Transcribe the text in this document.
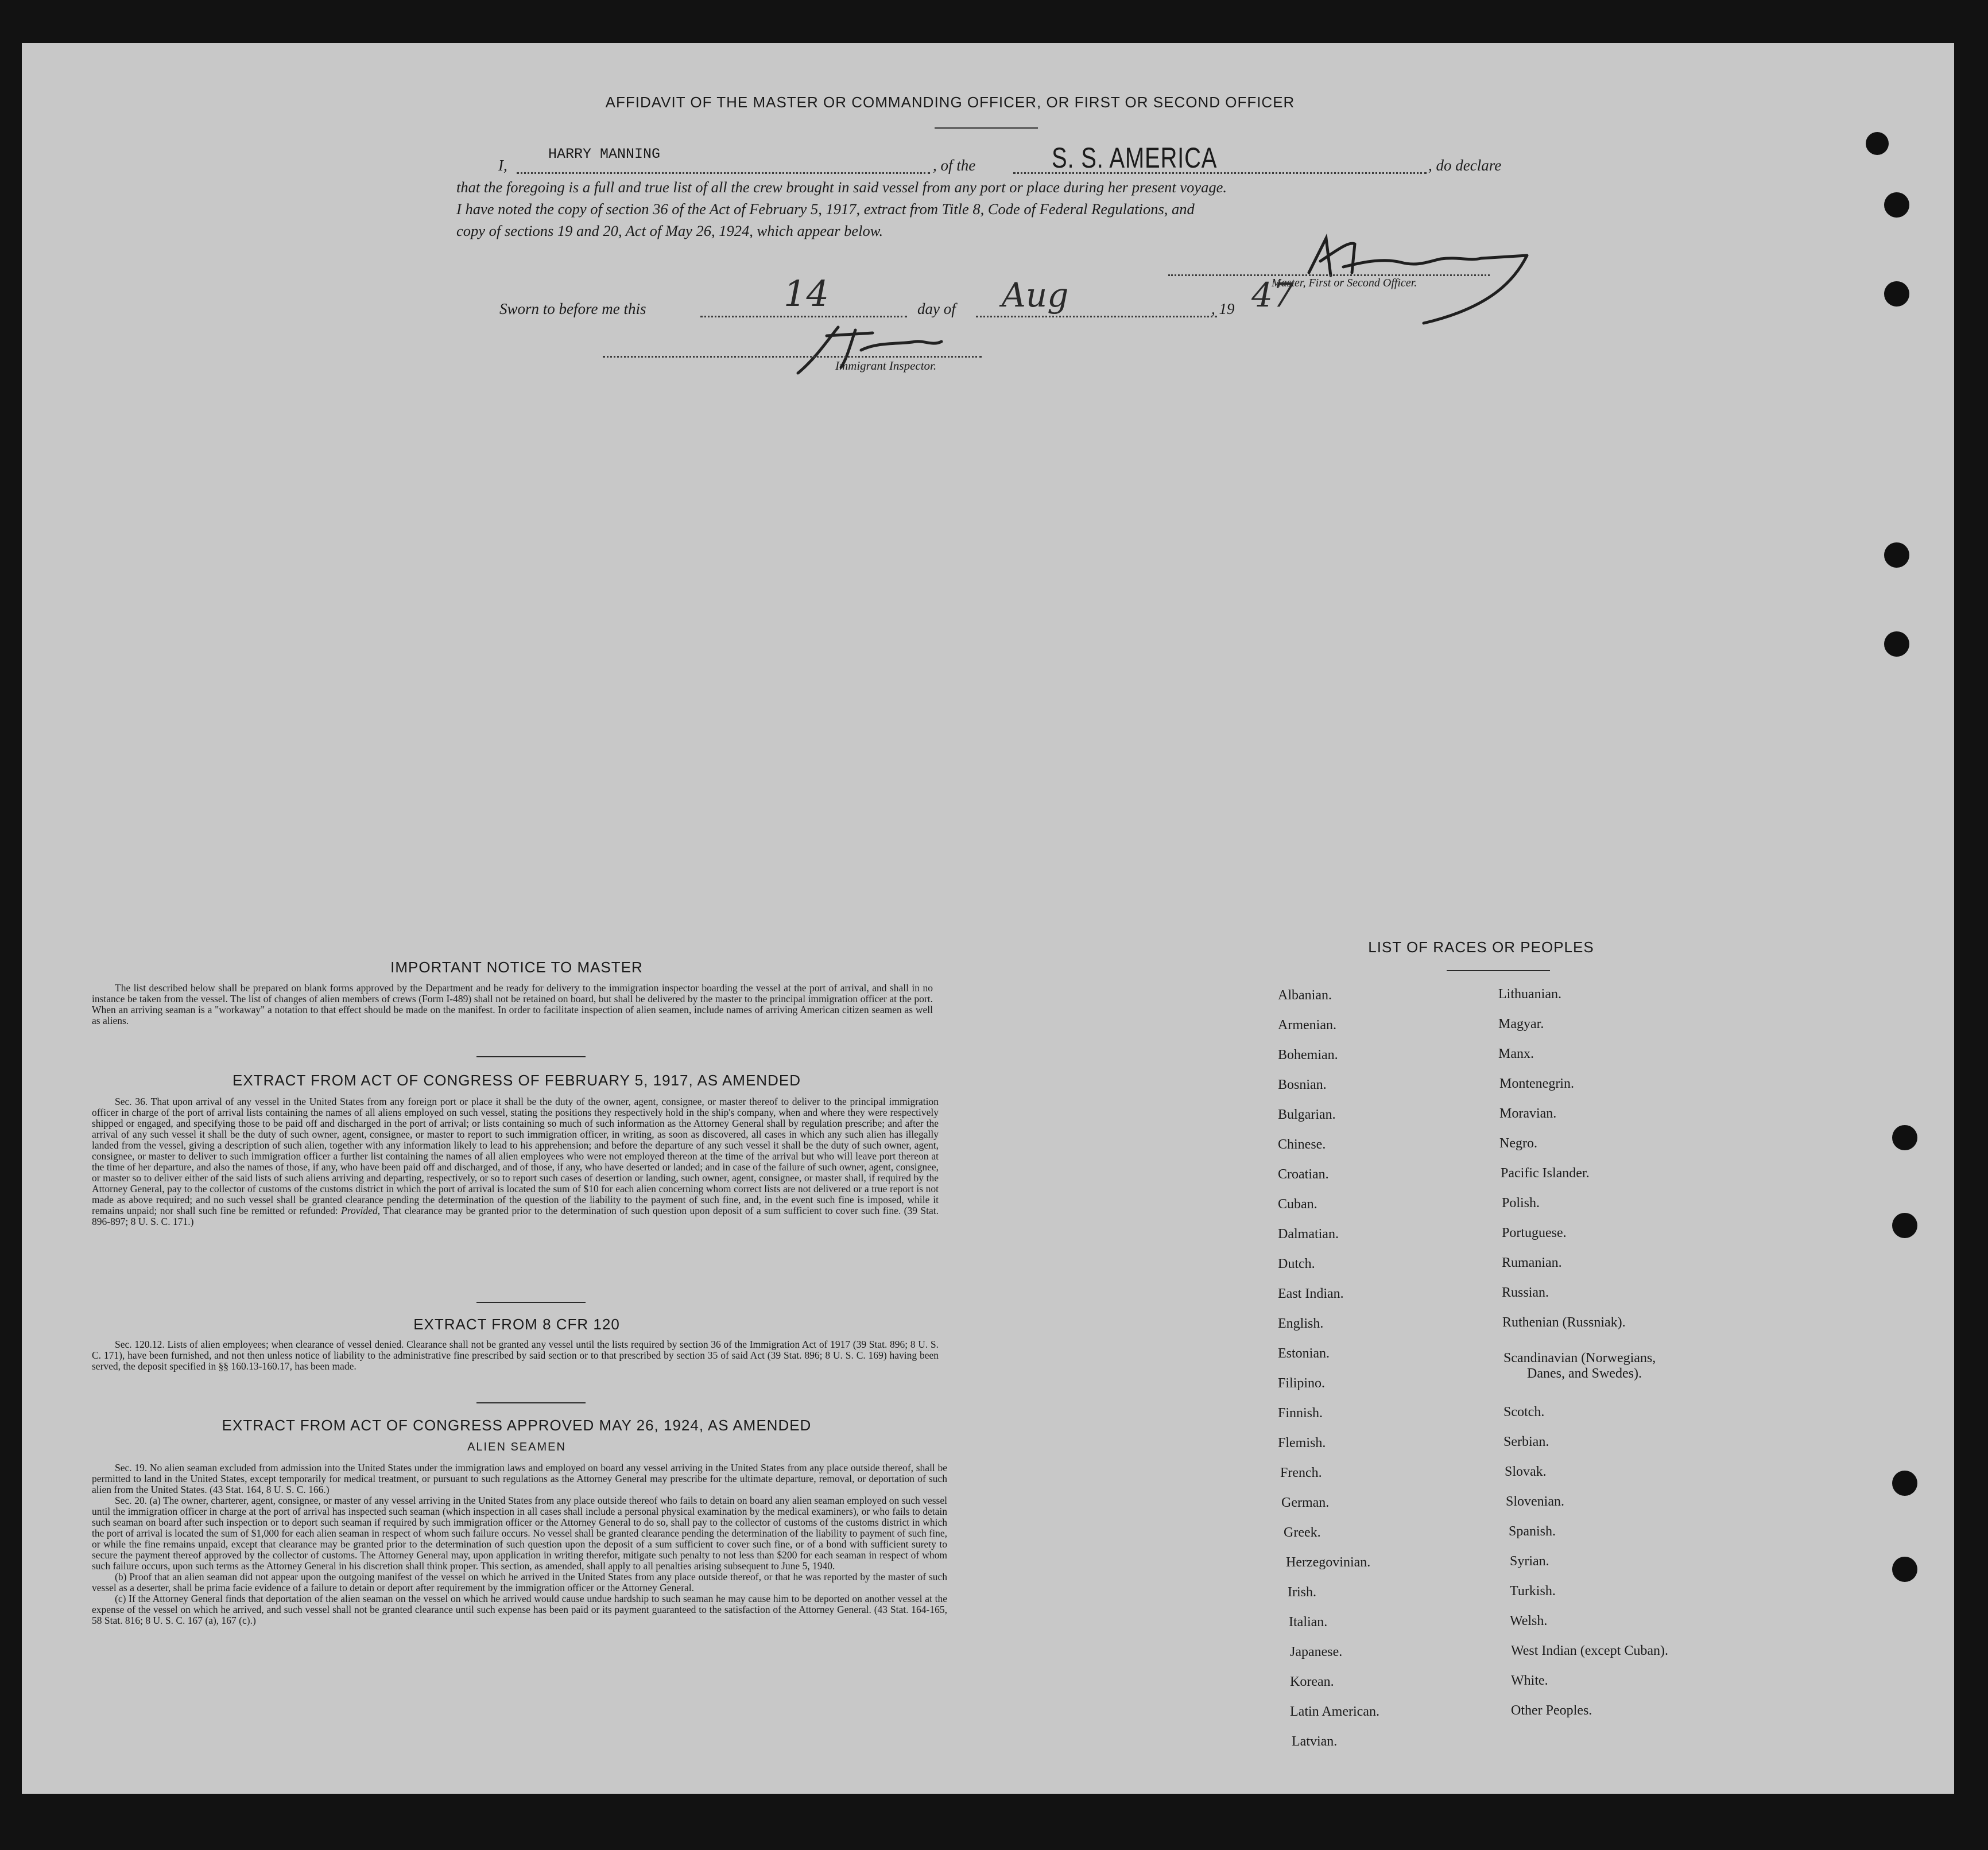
AFFIDAVIT OF THE MASTER OR COMMANDING OFFICER, OR FIRST OR SECOND OFFICER
I,
HARRY MANNING
, of the	S. S. AMERICA	, do declare
that the foregoing is a full and true list of all the crew brought in said vessel from any port or place during her present voyage.
I have noted the copy of section 36 of the Act of February 5, 1917, extract from Title 8, Code of Federal Regulations, and
copy of sections 19 and 20, Act of May 26, 1924, which appear below.
Master, First or Second Officer.
Sworn to before me this	14	day of Aug	, 19 47
Immigrant Inspector.
IMPORTANT NOTICE TO MASTER

The list described below shall be prepared on blank forms approved by the Department and be ready for delivery to the immigration inspector boarding the vessel at the port of arrival, and shall in no instance be taken from the vessel. The list of changes of alien members of crews (Form I-489) shall not be retained on board, but shall be delivered by the master to the principal immigration officer at the port. When an arriving seaman is a "workaway" a notation to that effect should be made on the manifest. In order to facilitate inspection of alien seamen, include names of arriving American citizen seamen as well as aliens.

EXTRACT FROM ACT OF CONGRESS OF FEBRUARY 5, 1917, AS AMENDED

Sec. 36. That upon arrival of any vessel in the United States from any foreign port or place it shall be the duty of the owner, agent, consignee, or master thereof to deliver to the principal immigration officer in charge of the port of arrival lists containing the names of all aliens employed on such vessel, stating the positions they respectively hold in the ship's company, when and where they were respectively shipped or engaged, and specifying those to be paid off and discharged in the port of arrival; or lists containing so much of such information as the Attorney General shall by regulation prescribe; and after the arrival of any such vessel it shall be the duty of such owner, agent, consignee, or master to report to such immigration officer, in writing, as soon as discovered, all cases in which any such alien has illegally landed from the vessel, giving a description of such alien, together with any information likely to lead to his apprehension; and before the departure of any such vessel it shall be the duty of such owner, agent, consignee, or master to deliver to such immigration officer a further list containing the names of all alien employees who were not employed thereon at the time of the arrival but who will leave port thereon at the time of her departure, and also the names of those, if any, who have been paid off and discharged, and of those, if any, who have deserted or landed; and in case of the failure of such owner, agent, consignee, or master so to deliver either of the said lists of such aliens arriving and departing, respectively, or so to report such cases of desertion or landing, such owner, agent, consignee, or master shall, if required by the Attorney General, pay to the collector of customs of the customs district in which the port of arrival is located the sum of $10 for each alien concerning whom correct lists are not delivered or a true report is not made as above required; and no such vessel shall be granted clearance pending the determination of the question of the liability to the payment of such fine, and, in the event such fine is imposed, while it remains unpaid; nor shall such fine be remitted or refunded: Provided, That clearance may be granted prior to the determination of such question upon deposit of a sum sufficient to cover such fine. (39 Stat. 896-897; 8 U. S. C. 171.)

EXTRACT FROM 8 CFR 120

Sec. 120.12. Lists of alien employees; when clearance of vessel denied. Clearance shall not be granted any vessel until the lists required by section 36 of the Immigration Act of 1917 (39 Stat. 896; 8 U. S. C. 171), have been furnished, and not then unless notice of liability to the administrative fine prescribed by said section or to that prescribed by section 35 of said Act (39 Stat. 896; 8 U. S. C. 169) having been served, the deposit specified in §§ 160.13-160.17, has been made.

EXTRACT FROM ACT OF CONGRESS APPROVED MAY 26, 1924, AS AMENDED
ALIEN SEAMEN

Sec. 19. No alien seaman excluded from admission into the United States under the immigration laws and employed on board any vessel arriving in the United States from any place outside thereof, shall be permitted to land in the United States, except temporarily for medical treatment, or pursuant to such regulations as the Attorney General may prescribe for the ultimate departure, removal, or deportation of such alien from the United States. (43 Stat. 164, 8 U. S. C. 166.)

Sec. 20. (a) The owner, charterer, agent, consignee, or master of any vessel arriving in the United States from any place outside thereof who fails to detain on board any alien seaman employed on such vessel until the immigration officer in charge at the port of arrival has inspected such seaman (which inspection in all cases shall include a personal physical examination by the medical examiners), or who fails to detain such seaman on board after such inspection or to deport such seaman if required by such immigration officer or the Attorney General to do so, shall pay to the collector of customs of the customs district in which the port of arrival is located the sum of $1,000 for each alien seaman in respect of whom such failure occurs. No vessel shall be granted clearance pending the determination of the liability to payment of such fine, or while the fine remains unpaid, except that clearance may be granted prior to the determination of such question upon the deposit of a sum sufficient to cover such fine, or of a bond with sufficient surety to secure the payment thereof approved by the collector of customs. The Attorney General may, upon application in writing therefor, mitigate such penalty to not less than $200 for each seaman in respect of whom such failure occurs, upon such terms as the Attorney General in his discretion shall think proper. This section, as amended, shall apply to all penalties arising subsequent to June 5, 1940.

(b) Proof that an alien seaman did not appear upon the outgoing manifest of the vessel on which he arrived in the United States from any place outside thereof, or that he was reported by the master of such vessel as a deserter, shall be prima facie evidence of a failure to detain or deport after requirement by the immigration officer or the Attorney General.

(c) If the Attorney General finds that deportation of the alien seaman on the vessel on which he arrived would cause undue hardship to such seaman he may cause him to be deported on another vessel at the expense of the vessel on which he arrived, and such vessel shall not be granted clearance until such expense has been paid or its payment guaranteed to the satisfaction of the Attorney General. (43 Stat. 164-165, 58 Stat. 816; 8 U. S. C. 167 (a), 167 (c).)

LIST OF RACES OR PEOPLES
Albanian.
Armenian.
Bohemian.
Bosnian.
Bulgarian.
Chinese.
Croatian.
Cuban.
Dalmatian.
Dutch.
East Indian.
English.
Estonian.
Filipino.
Finnish.
Flemish.
French.
German.
Greek.
Herzegovinian.
Irish.
Italian.
Japanese.
Korean.
Latin American.
Latvian.
Lithuanian.
Magyar.
Manx.
Montenegrin.
Moravian.
Negro.
Pacific Islander.
Polish.
Portuguese.
Rumanian.
Russian.
Ruthenian (Russniak).
Scandinavian (Norwegians,
Danes, and Swedes).
Scotch.
Serbian.
Slovak.
Slovenian.
Spanish.
Syrian.
Turkish.
Welsh.
West Indian (except Cuban).
White.
Other Peoples.
